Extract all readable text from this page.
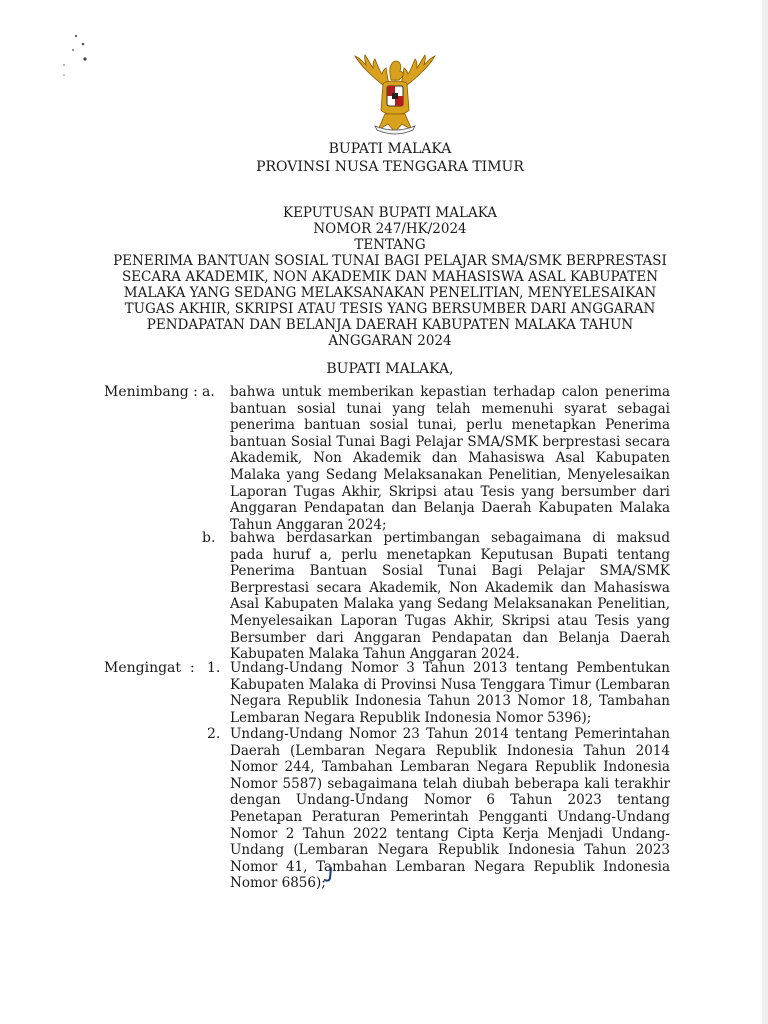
BUPATI MALAKA
PROVINSI NUSA TENGGARA TIMUR
KEPUTUSAN BUPATI MALAKA
NOMOR 247/HK/2024
TENTANG
PENERIMA BANTUAN SOSIAL TUNAI BAGI PELAJAR SMA/SMK BERPRESTASI
SECARA AKADEMIK, NON AKADEMIK DAN MAHASISWA ASAL KABUPATEN
MALAKA YANG SEDANG MELAKSANAKAN PENELITIAN, MENYELESAIKAN
TUGAS AKHIR, SKRIPSI ATAU TESIS YANG BERSUMBER DARI ANGGARAN
PENDAPATAN DAN BELANJA DAERAH KABUPATEN MALAKA TAHUN
ANGGARAN 2024
BUPATI MALAKA,
Menimbang : a. bahwa untuk memberikan kepastian terhadap calon penerima bantuan sosial tunai yang telah memenuhi syarat sebagai penerima bantuan sosial tunai, perlu menetapkan Penerima bantuan Sosial Tunai Bagi Pelajar SMA/SMK berprestasi secara Akademik, Non Akademik dan Mahasiswa Asal Kabupaten Malaka yang Sedang Melaksanakan Penelitian, Menyelesaikan Laporan Tugas Akhir, Skripsi atau Tesis yang bersumber dari Anggaran Pendapatan dan Belanja Daerah Kabupaten Malaka Tahun Anggaran 2024;

b. bahwa berdasarkan pertimbangan sebagaimana di maksud pada huruf a, perlu menetapkan Keputusan Bupati tentang Penerima Bantuan Sosial Tunai Bagi Pelajar SMA/SMK Berprestasi secara Akademik, Non Akademik dan Mahasiswa Asal Kabupaten Malaka yang Sedang Melaksanakan Penelitian, Menyelesaikan Laporan Tugas Akhir, Skripsi atau Tesis yang Bersumber dari Anggaran Pendapatan dan Belanja Daerah Kabupaten Malaka Tahun Anggaran 2024.

Mengingat : 1. Undang-Undang Nomor 3 Tahun 2013 tentang Pembentukan Kabupaten Malaka di Provinsi Nusa Tenggara Timur (Lembaran Negara Republik Indonesia Tahun 2013 Nomor 18, Tambahan Lembaran Negara Republik Indonesia Nomor 5396);

2. Undang-Undang Nomor 23 Tahun 2014 tentang Pemerintahan Daerah (Lembaran Negara Republik Indonesia Tahun 2014 Nomor 244, Tambahan Lembaran Negara Republik Indonesia Nomor 5587) sebagaimana telah diubah beberapa kali terakhir dengan Undang-Undang Nomor 6 Tahun 2023 tentang Penetapan Peraturan Pemerintah Pengganti Undang-Undang Nomor 2 Tahun 2022 tentang Cipta Kerja Menjadi Undang-Undang (Lembaran Negara Republik Indonesia Tahun 2023 Nomor 41, Tambahan Lembaran Negara Republik Indonesia Nomor 6856);
